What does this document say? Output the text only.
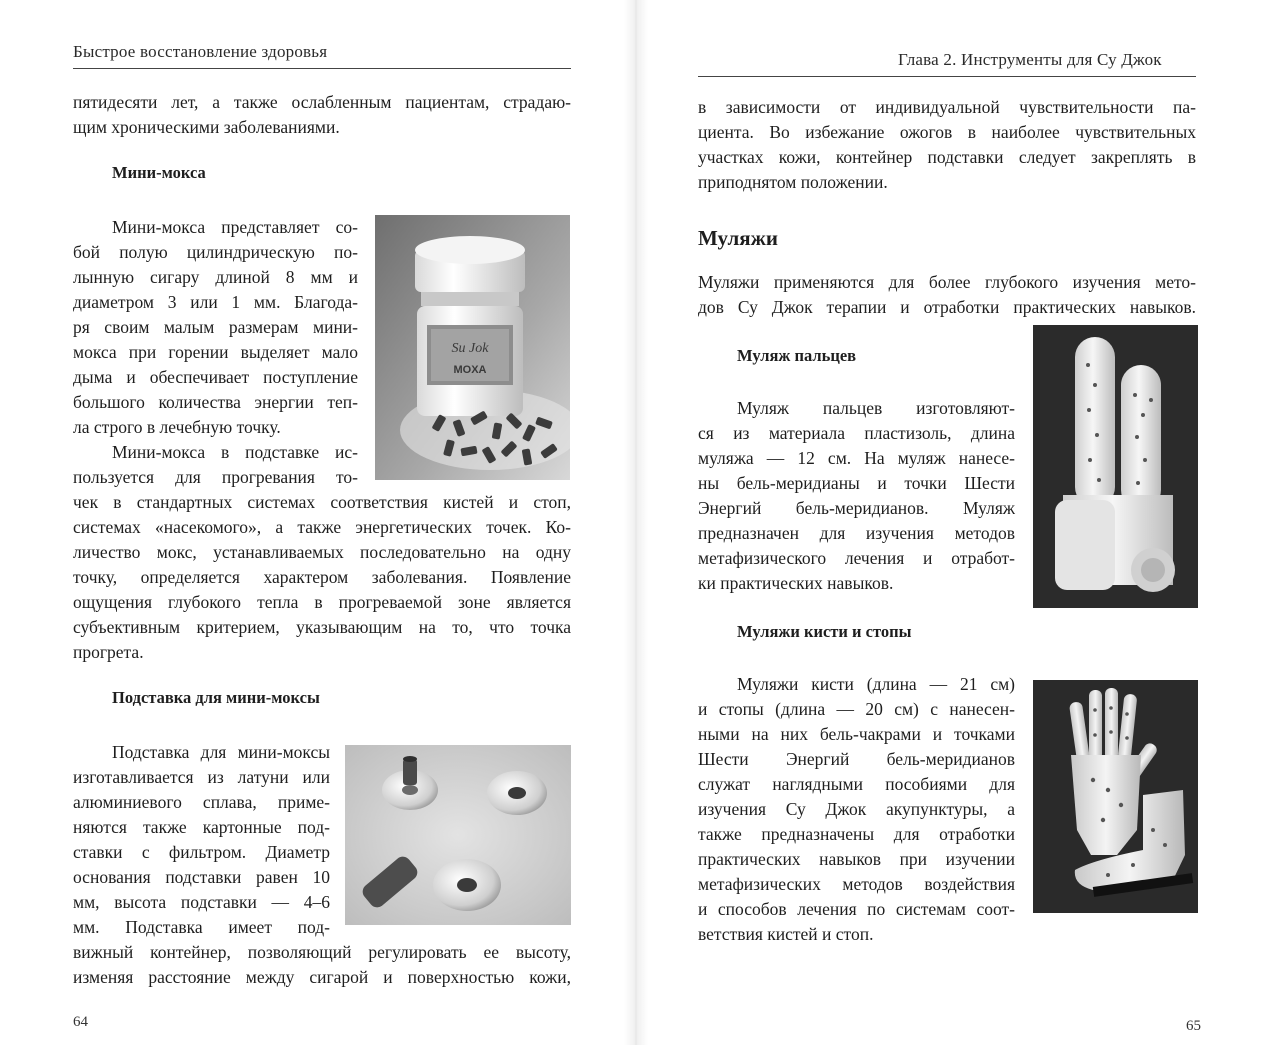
Быстрое восстановление здоровья
пятидесяти лет, а также ослабленным пациентам, страдаю-
щим хроническими заболеваниями.
Мини-мокса
Мини-мокса представляет со-
бой полую цилиндрическую по-
лынную сигару длиной 8 мм и
диаметром 3 или 1 мм. Благода-
ря своим малым размерам мини-
мокса при горении выделяет мало
дыма и обеспечивает поступление
большого количества энергии теп-
ла строго в лечебную точку.
Мини-мокса в подставке ис-
пользуется для прогревания то-
чек в стандартных системах соответствия кистей и стоп,
системах «насекомого», а также энергетических точек. Ко-
личество мокс, устанавливаемых последовательно на одну
точку, определяется характером заболевания. Появление
ощущения глубокого тепла в прогреваемой зоне является
субъективным критерием, указывающим на то, что точка
прогрета.
Su Jok
MOXA
Подставка для мини-моксы
Подставка для мини-моксы
изготавливается из латуни или
алюминиевого сплава, приме-
няются также картонные под-
ставки с фильтром. Диаметр
основания подставки равен 10
мм, высота подставки — 4–6
мм. Подставка имеет под-
вижный контейнер, позволяющий регулировать ее высоту,
изменяя расстояние между сигарой и поверхностью кожи,
64
Глава 2. Инструменты для Су Джок
в зависимости от индивидуальной чувствительности па-
циента. Во избежание ожогов в наиболее чувствительных
участках кожи, контейнер подставки следует закреплять в
приподнятом положении.
Муляжи
Муляжи применяются для более глубокого изучения мето-
дов Су Джок терапии и отработки практических навыков.
Муляж пальцев
Муляж пальцев изготовляют-
ся из материала пластизоль, длина
муляжа — 12 см. На муляж нанесе-
ны бель-меридианы и точки Шести
Энергий бель-меридианов. Муляж
предназначен для изучения методов
метафизического лечения и отработ-
ки практических навыков.
Муляжи кисти и стопы
Муляжи кисти (длина — 21 см)
и стопы (длина — 20 см) с нанесен-
ными на них бель-чакрами и точками
Шести Энергий бель-меридианов
служат наглядными пособиями для
изучения Су Джок акупунктуры, а
также предназначены для отработки
практических навыков при изучении
метафизических методов воздействия
и способов лечения по системам соот-
ветствия кистей и стоп.
65
